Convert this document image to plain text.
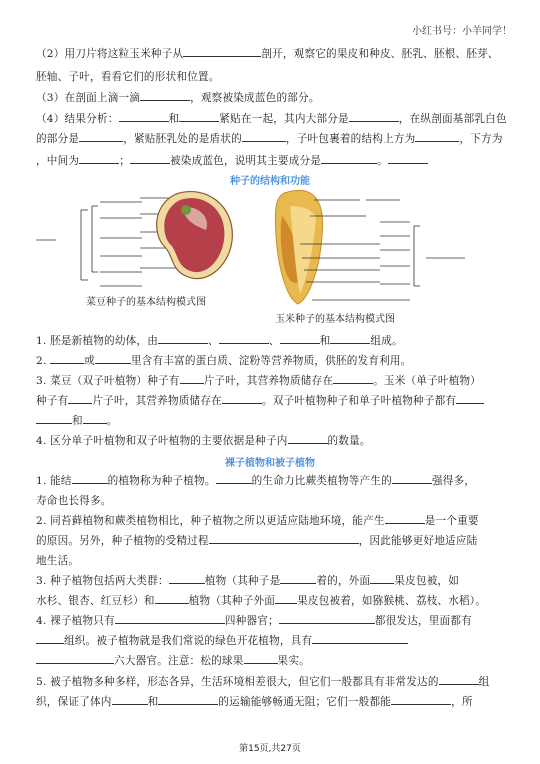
小红书号：小羊同学！
（2）用刀片将这粒玉米种子从	剖开，观察它的果皮和种皮、胚乳、胚根、胚芽、
胚轴、子叶，看看它们的形状和位置。
（3）在剖面上滴一滴	，观察被染成蓝色的部分。
（4）结果分析：	和	紧贴在一起，其内大部分是	，在纵剖面基部乳白色
的部分是	，紧贴胚乳处的是盾状的	，子叶包裹着的结构上方为	，下方为
，中间为	；	被染成蓝色，说明其主要成分是	。
种子的结构和功能
菜豆种子的基本结构模式图
玉米种子的基本结构模式图
1. 胚是新植物的幼体，由	、	、	和	组成。
2.	或	里含有丰富的蛋白质、淀粉等营养物质，供胚的发育利用。
3. 菜豆（双子叶植物）种子有 片子叶，其营养物质储存在	。玉米（单子叶植物）
种子有 片子叶，其营养物质储存在	。双子叶植物种子和单子叶植物种子都有
和 。
4. 区分单子叶植物和双子叶植物的主要依据是种子内	的数量。
裸子植物和被子植物
1. 能结	的植物称为种子植物。	的生命力比蕨类植物等产生的	强得多，
寿命也长得多。
2. 同苔藓植物和蕨类植物相比，种子植物之所以更适应陆地环境，能产生	是一个重要
的原因。另外，种子植物的受精过程	，因此能够更好地适应陆
地生活。
3. 种子植物包括两大类群：	植物（其种子是	着的，外面 果皮包被，如
水杉、银杏、红豆杉）和	植物（其种子外面 果皮包被着，如猕猴桃、荔枝、水稻）。
4. 裸子植物只有	四种器官；	都很发达，里面都有
组织。被子植物就是我们常说的绿色开花植物，具有
六大器官。注意：松的球果	果实。
5. 被子植物多种多样，形态各异，生活环境相差很大，但它们一般都具有非常发达的	组
织，保证了体内	和	的运输能够畅通无阻；它们一般都能	，所
第15页,共27页
